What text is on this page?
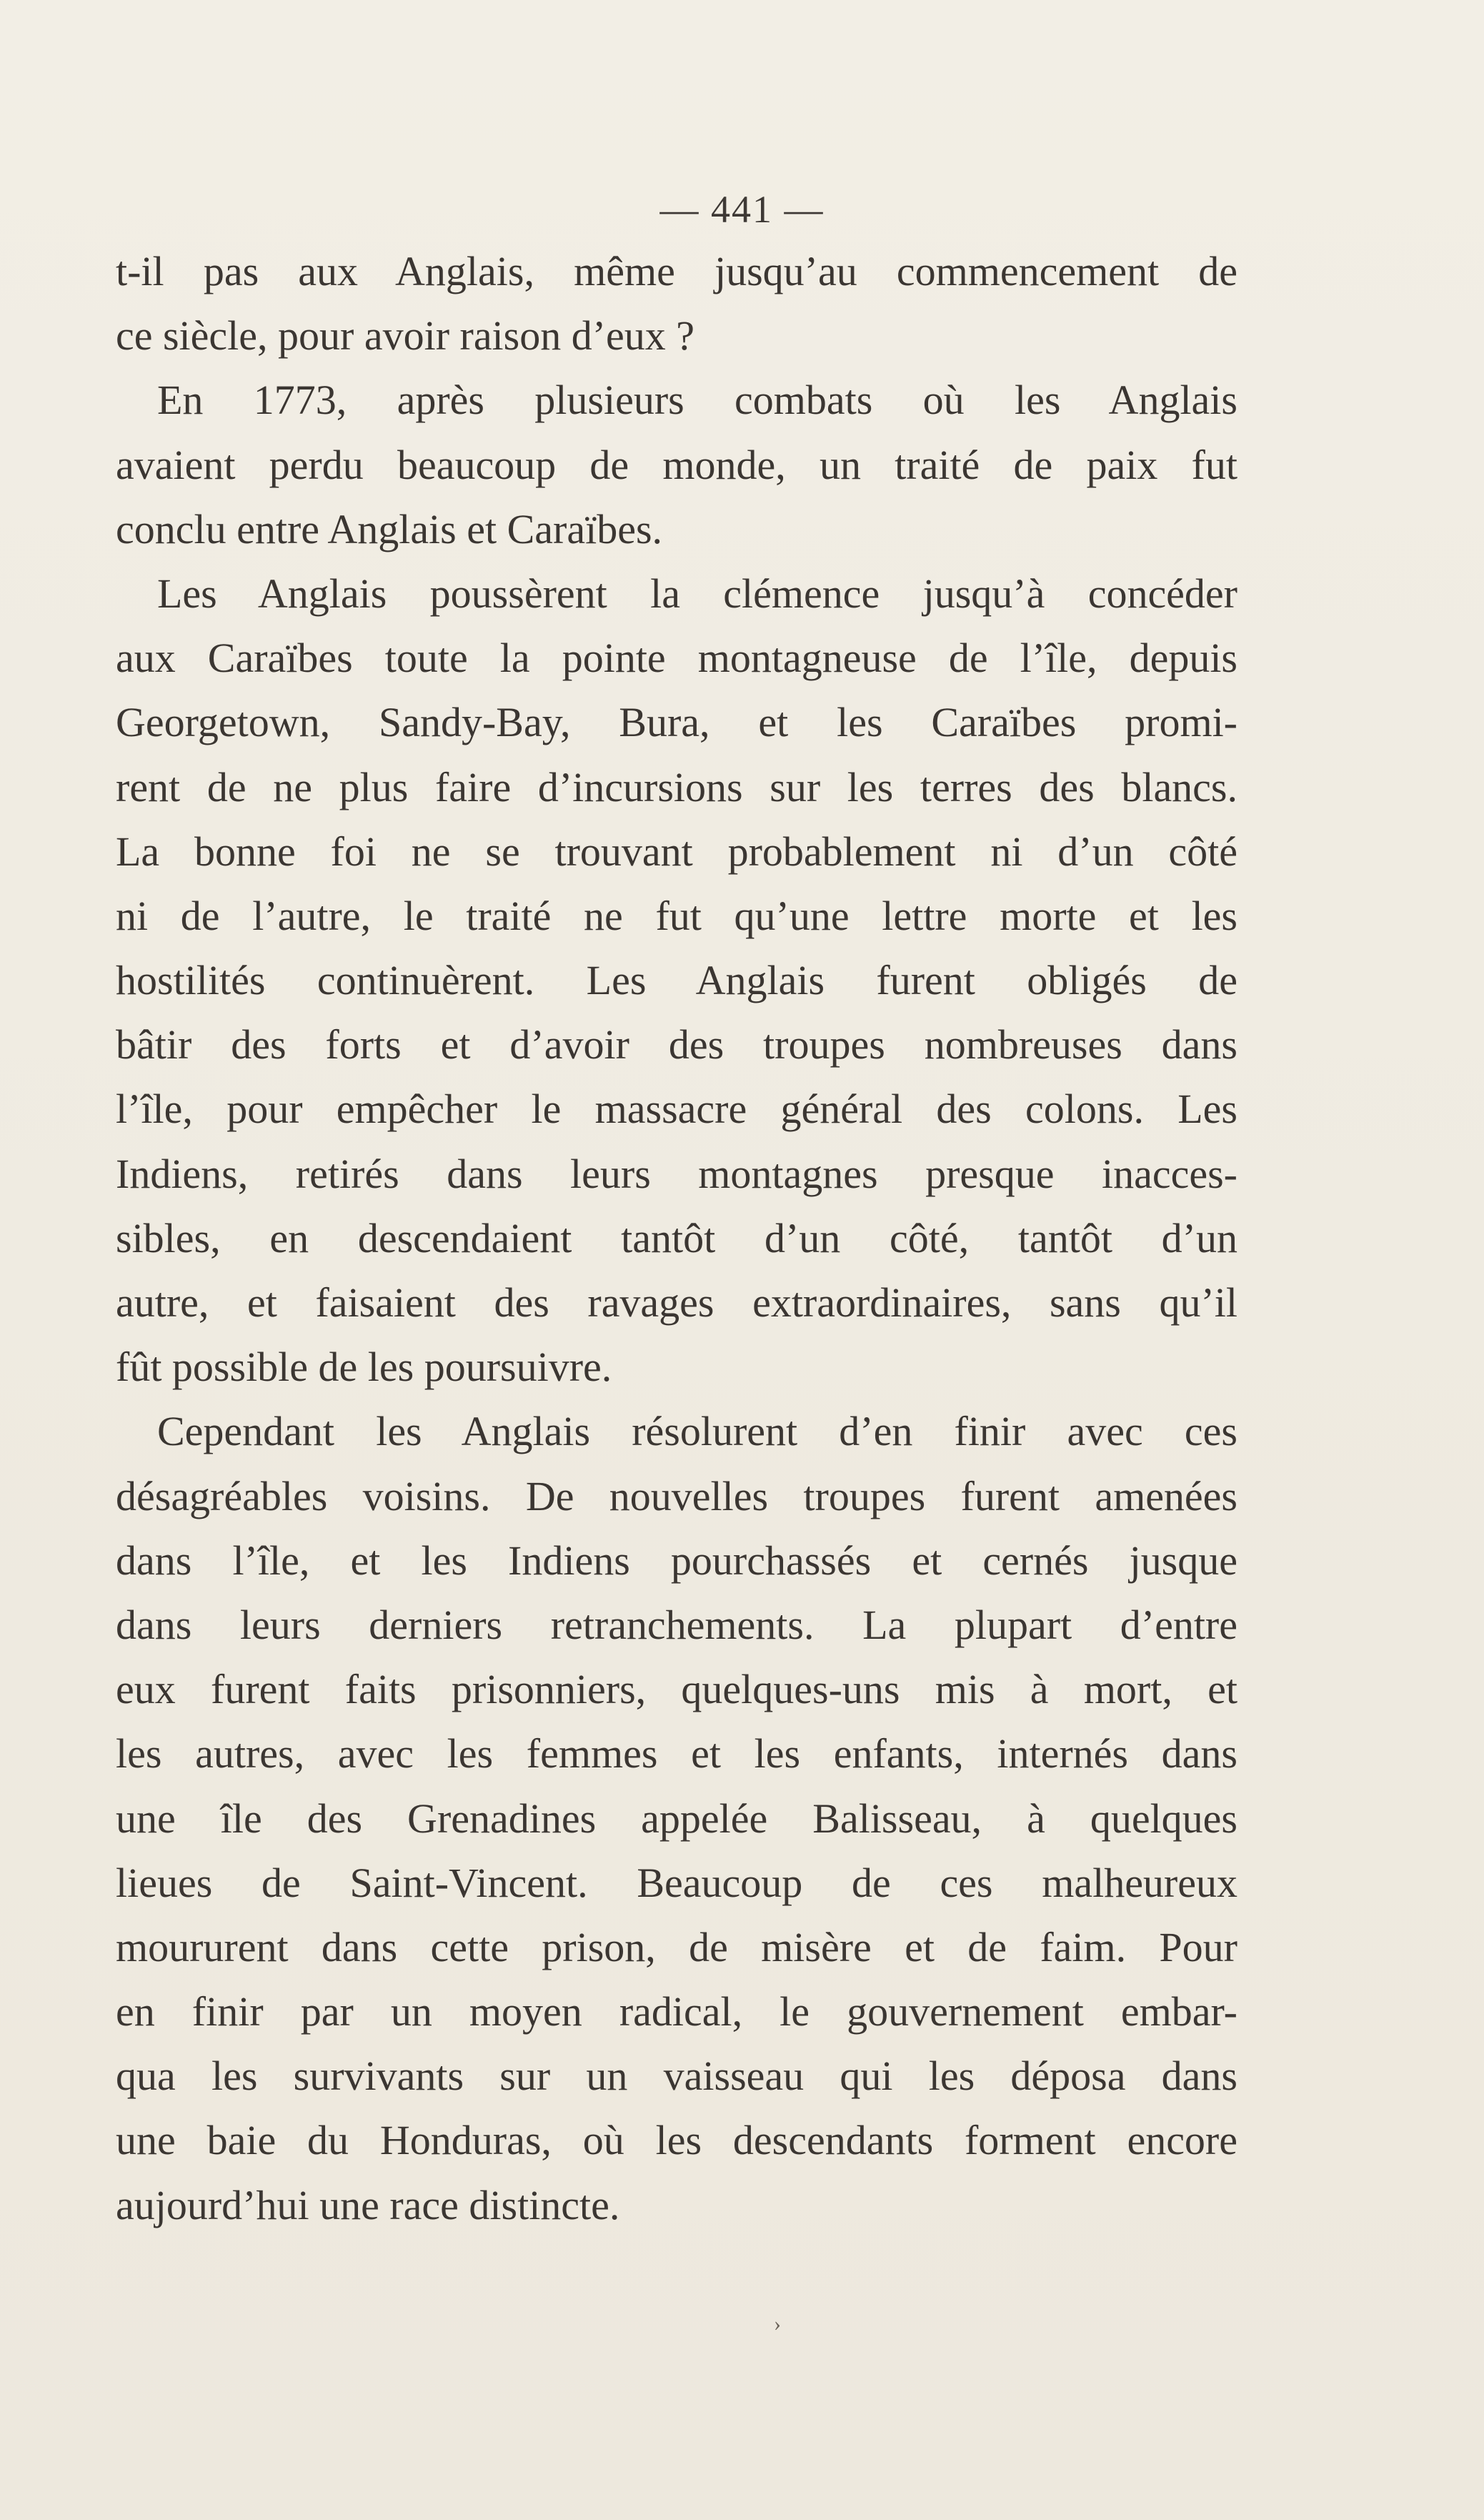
— 441 —
t-il pas aux Anglais, même jusqu’au commencement de
ce siècle, pour avoir raison d’eux ?
En 1773, après plusieurs combats où les Anglais
avaient perdu beaucoup de monde, un traité de paix fut
conclu entre Anglais et Caraïbes.
Les Anglais poussèrent la clémence jusqu’à concéder
aux Caraïbes toute la pointe montagneuse de l’île, depuis
Georgetown, Sandy-Bay, Bura, et les Caraïbes promi-
rent de ne plus faire d’incursions sur les terres des blancs.
La bonne foi ne se trouvant probablement ni d’un côté
ni de l’autre, le traité ne fut qu’une lettre morte et les
hostilités continuèrent. Les Anglais furent obligés de
bâtir des forts et d’avoir des troupes nombreuses dans
l’île, pour empêcher le massacre général des colons. Les
Indiens, retirés dans leurs montagnes presque inacces-
sibles, en descendaient tantôt d’un côté, tantôt d’un
autre, et faisaient des ravages extraordinaires, sans qu’il
fût possible de les poursuivre.
Cependant les Anglais résolurent d’en finir avec ces
désagréables voisins. De nouvelles troupes furent amenées
dans l’île, et les Indiens pourchassés et cernés jusque
dans leurs derniers retranchements. La plupart d’entre
eux furent faits prisonniers, quelques-uns mis à mort, et
les autres, avec les femmes et les enfants, internés dans
une île des Grenadines appelée Balisseau, à quelques
lieues de Saint-Vincent. Beaucoup de ces malheureux
moururent dans cette prison, de misère et de faim. Pour
en finir par un moyen radical, le gouvernement embar-
qua les survivants sur un vaisseau qui les déposa dans
une baie du Honduras, où les descendants forment encore
aujourd’hui une race distincte.
›
